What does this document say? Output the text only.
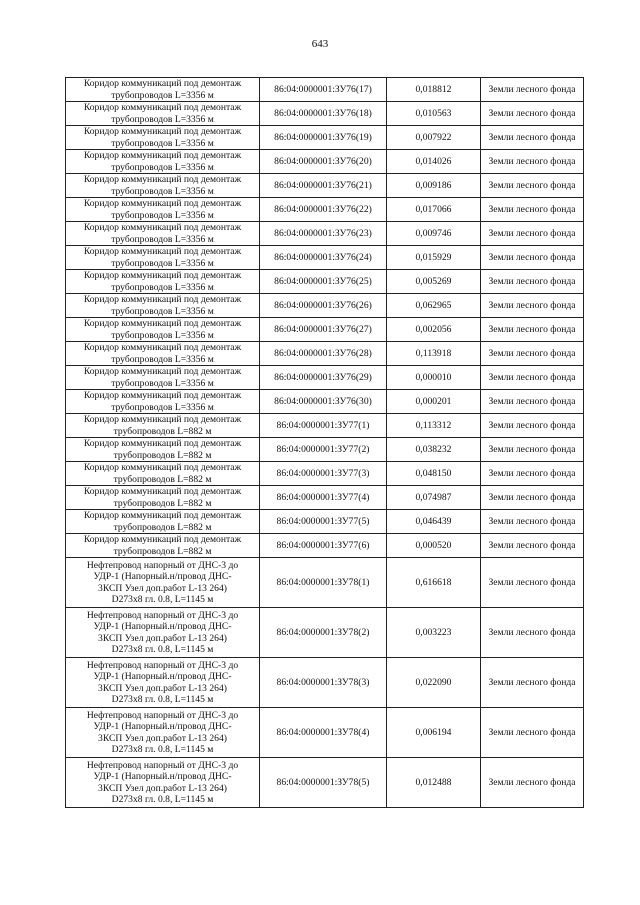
643
Коридор коммуникаций под демонтаж
трубопроводов L=3356 м	86:04:0000001:ЗУ76(17)	0,018812	Земли лесного фонда

Коридор коммуникаций под демонтаж
трубопроводов L=3356 м	86:04:0000001:ЗУ76(18)	0,010563	Земли лесного фонда

Коридор коммуникаций под демонтаж
трубопроводов L=3356 м	86:04:0000001:ЗУ76(19)	0,007922	Земли лесного фонда

Коридор коммуникаций под демонтаж
трубопроводов L=3356 м	86:04:0000001:ЗУ76(20)	0,014026	Земли лесного фонда

Коридор коммуникаций под демонтаж
трубопроводов L=3356 м	86:04:0000001:ЗУ76(21)	0,009186	Земли лесного фонда

Коридор коммуникаций под демонтаж
трубопроводов L=3356 м	86:04:0000001:ЗУ76(22)	0,017066	Земли лесного фонда

Коридор коммуникаций под демонтаж
трубопроводов L=3356 м	86:04:0000001:ЗУ76(23)	0,009746	Земли лесного фонда

Коридор коммуникаций под демонтаж
трубопроводов L=3356 м	86:04:0000001:ЗУ76(24)	0,015929	Земли лесного фонда

Коридор коммуникаций под демонтаж
трубопроводов L=3356 м	86:04:0000001:ЗУ76(25)	0,005269	Земли лесного фонда

Коридор коммуникаций под демонтаж
трубопроводов L=3356 м	86:04:0000001:ЗУ76(26)	0,062965	Земли лесного фонда

Коридор коммуникаций под демонтаж
трубопроводов L=3356 м	86:04:0000001:ЗУ76(27)	0,002056	Земли лесного фонда

Коридор коммуникаций под демонтаж
трубопроводов L=3356 м	86:04:0000001:ЗУ76(28)	0,113918	Земли лесного фонда

Коридор коммуникаций под демонтаж
трубопроводов L=3356 м	86:04:0000001:ЗУ76(29)	0,000010	Земли лесного фонда

Коридор коммуникаций под демонтаж
трубопроводов L=3356 м	86:04:0000001:ЗУ76(30)	0,000201	Земли лесного фонда

Коридор коммуникаций под демонтаж
трубопроводов L=882 м	86:04:0000001:ЗУ77(1)	0,113312	Земли лесного фонда

Коридор коммуникаций под демонтаж
трубопроводов L=882 м	86:04:0000001:ЗУ77(2)	0,038232	Земли лесного фонда

Коридор коммуникаций под демонтаж
трубопроводов L=882 м	86:04:0000001:ЗУ77(3)	0,048150	Земли лесного фонда

Коридор коммуникаций под демонтаж
трубопроводов L=882 м	86:04:0000001:ЗУ77(4)	0,074987	Земли лесного фонда

Коридор коммуникаций под демонтаж
трубопроводов L=882 м	86:04:0000001:ЗУ77(5)	0,046439	Земли лесного фонда

Коридор коммуникаций под демонтаж
трубопроводов L=882 м	86:04:0000001:ЗУ77(6)	0,000520	Земли лесного фонда

Нефтепровод напорный от ДНС-3 до
УДР-1 (Напорный.н/провод ДНС-
3КСП Узел доп.работ L-13 264)
D273x8 гл. 0.8, L=1145 м	86:04:0000001:ЗУ78(1)	0,616618	Земли лесного фонда

Нефтепровод напорный от ДНС-3 до
УДР-1 (Напорный.н/провод ДНС-
3КСП Узел доп.работ L-13 264)
D273x8 гл. 0.8, L=1145 м	86:04:0000001:ЗУ78(2)	0,003223	Земли лесного фонда

Нефтепровод напорный от ДНС-3 до
УДР-1 (Напорный.н/провод ДНС-
3КСП Узел доп.работ L-13 264)
D273x8 гл. 0.8, L=1145 м	86:04:0000001:ЗУ78(3)	0,022090	Земли лесного фонда

Нефтепровод напорный от ДНС-3 до
УДР-1 (Напорный.н/провод ДНС-
3КСП Узел доп.работ L-13 264)
D273x8 гл. 0.8, L=1145 м	86:04:0000001:ЗУ78(4)	0,006194	Земли лесного фонда

Нефтепровод напорный от ДНС-3 до
УДР-1 (Напорный.н/провод ДНС-
3КСП Узел доп.работ L-13 264)
D273x8 гл. 0.8, L=1145 м	86:04:0000001:ЗУ78(5)	0,012488	Земли лесного фонда
